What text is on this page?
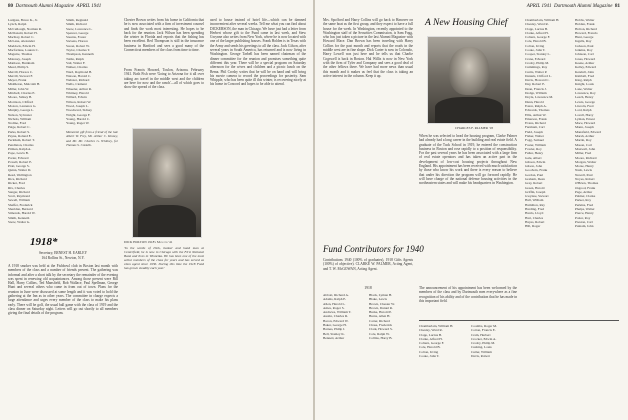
80 Dartmouth Alumni Magazine APRIL 1941
Ludgate, Bruce K., Jr.
Lynch, Ralph
McCullough, Norman R.
McDonald, Robert H.
MacKay, Robert C.
McLane, Alexander
Maddock, Edwin H.
Macfarlane, Lauren C.
Maguire, Thomas
Maloney, Joseph
Mattison, Burnham
Mead, Philip S.
Merrill, Horace C.
Merrill, Stewart F.
Meyer, Frank
Middleton, Malcolm H.
Miller, John W.
Mitchell, Charles E.
Moore, Sidney B.
Morrison, Clifford
Moxon, Laurence G.
Murphy, George L.
Nelson, Sylvester
Nichols, William
Nodine, Fred
Paige, Robert C.
Parks, Robert S.
Payne, Roland E.
Peckham, Robert T.
Pendleton, Charles
Pitman, Ralph A.
Pope, Lewis B.
Porter, Edward
Powell, Robert E.
Pratt, George S.
Quinn, Walter D.
Reed, Wellington
Rice, Richard
Ricker, Fred
Rix, Charles
Sanger, Richard
Scott, Raymond
Sewell, William
Shaffer, Frederick
Sheridan, Bernard
Simonds, Harold W.
Smith, Kenneth
Snow, Walter G.
Smith, Reginald
Smith, Richard
Snow, Lawrence L.
Spencer, George
Stearns, Foster
Stevens, Horace
Sweet, Robert W.
Taylor, Charles T.
Thompson, Kenneth
Tuttle, Ralph
Vail, Walter F.
Walker, Charles
Ward, Raymond B.
Watson, Harold C.
Webster, Richard
Wells, Clement
Wheeler, Arthur R.
Whitney, Harold
Willard, Edwin
Wilson, Robert W.
Wood, Joseph L.
Woodward, Sidney
Wright, George F.
Young, Harold C.
Young, Roger W.
Memorial gift from a friend of the late Albert W. Frey, Mr. Arthur C. Kinney, and Mr. Mr. Charles G. Whitney, for Thomas S. Conklin.
1918*
Secretary, ERNEST H. EARLEY
164 Rollins St., Newton, N.Y.
A 1918 smoker was held at the Fishbowl club in Boston last month with members of the class and a number of friends present. The gathering was informal and after a short talk by the secretary the remainder of the evening was spent in renewing old acquaintances. Among those present were Bill Hall, Harry Collins, Ted Mansfield, Bob Wallace, Paul Spellman, George Hunt and several others who came in from out of town. Plans for the reunion in June were discussed at some length and it was voted to hold the gathering at the Inn as in other years. The committee in charge expects a large attendance and urges every member of the class to make his plans early. There will be golf, the usual ball game with the class of 1919 and the class dinner on Saturday night. Letters will go out shortly to all members giving the final details of the program.
Chester Brown writes from his home in California that he is now associated with a firm of investment counsel and finds the work most interesting. He hopes to be back for the reunion. Jack Wilson has been spending the winter in Florida and reports that the fishing has been excellent. Red Thompson is still in the insurance business in Hartford and sees a good many of the Connecticut members of the class from time to time.
From Francis Howard, Toulon, Arizona. February 1941. Both Fish were 'Going to Arizona for it all over taking arc travel in the middle west and the children are here for now and the ranch'—all of which goes to show the spread of the class.
DICK HOLTON 1918's Man for '41
'In the words of Dick, banker and hand man at Centerfield, he is now in Chicago with the First National Bank and lives in Winnetka. He has been one of the most active members of the class for years and has served as class agent since 1936. During this time the 1918 Fund has grown steadily each year.'
used to house instead of hotel life—which can be damned inconvenient after several weeks. Tell me what you can find about DICKERSON, the man in Chicago. We have just had a letter from Herbert whose gift to the Fund came in last week, and Stew Gwynne also writes from New York, where he is now located with one of the larger publishing houses. Frank Holden is in Texas with the Army and sends his greetings to all the class. Jack Gilson, after several years in South America, has returned and is now living in Washington. George Tarbell has been named chairman of the dinner committee for the reunion and promises something quite different this year. There will be a special program on Saturday afternoon for the wives and children and a picnic lunch on the Bema. Phil Crosby writes that he will be on hand and will bring his movie camera to record the proceedings for posterity. Sam Whipple, who has been quite ill this winter, is recovering nicely at his home in Concord and hopes to be able to attend.
APRIL 1941 Dartmouth Alumni Magazine 81
Mrs. Spofford and Harry Collins will go back to Hanover on the same boat as the first group, and they expect to have a full house for the week. In Washington, recently appointed to the Washington staff of the Securities Commission, is Sam Fogg, who has just taken a picture in the last Alumni Magazine with Howard Mace. Dan Brown has been traveling with Harry Collins for the past month and reports that the roads in the middle west are in fine shape. Dick Carter is now in Colorado, Harry Lowell was just here and he tells us that Charlie Cogswell is back in Boston. Hal Willis is now in New York with the firm of Tyler and Company and sees a good deal of the other fellows there. We have had more news than usual this month and it makes us feel that the class is taking an active interest in the column. Keep it up.
Fund Contributors for 1940
Contributions 1940 (100% of graduates), 1918 Gifts Agents (100%) of objective). CLARKE W. PALMER, Acting Agent, and T. W. McGOWAN, Acting Agent.
1918
Abbott, Richard A.
Adams, Ralph E.
Allen, Harold L.
Ames, Roger S.
Andrews, William T.
Austin, Charles R.
Bacon, Edward W.
Baker, George H.
Barnes, Philip J.
Bell, Stanley K.
Bennett, Arthur
Black, Lyman H.
Blake, Lewis
Brown, Chester W.
Brown, Daniel R.
Burke, Harold P.
Burns, Allen H.
Carter, Richard
Chase, Frederick
Clark, Howard S.
Cole, Ralph W.
Collins, Harry B.
A New Housing Chief
CHARLES F. PALMER '18
When he was selected to head the housing program, Clarke Palmer had already had a long career in the building and real estate field. A graduate of the Tuck School in 1919, he entered the construction business in Boston and rose rapidly to a position of responsibility. For the past several years he has been associated with a large firm of real estate operators and has taken an active part in the development of low-cost housing projects throughout New England. His appointment has been received with much satisfaction by those who know his work and there is every reason to believe that under his direction the program will go forward rapidly. He will have charge of the national defense housing activities in the northeastern states and will make his headquarters in Washington.
The announcement of his appointment has been welcomed by the members of the class and by Dartmouth men everywhere as a fine recognition of his ability and of the contribution that he has made in this important field.
Chamberlain, William H.
Chesley, Ward R.
Clapp, Lucius B.
Clarke, Alfred H.
Coburn, George F.
Cole, Harold B.
Colton, Irving
Cooke, John T.
Coombs, Roger M.
Cotton, Francis E.
Cram, Herbert
Crocker, Edwin A.
Crosby, Philip M.
Cushing, Louis
Cutler, William
Davis, Robert
Chamberlain, William H.
Chesley, Ward R.
Clapp, Lucius B.
Clarke, Alfred H.
Coburn, George F.
Cole, Harold B.
Colton, Irving
Cooke, John T.
Cooper, Stanley L.
Crane, Edward
Crosby, Philip M.
Cummings, Roy
Curtis, Walter P.
Daniels, Clifford L.
Davis, Howard C.
Day, Robert E.
Dean, Francis J.
Dodge, William
Doyle, Lawrence M.
Dunn, Harold
Eaton, Ralph A.
Edwards, Thomas
Ellis, Arthur W.
Emerson, Frank
Evans, Richard
Farnham, Carl
Field, Joseph
Fisher, Walter
Fogg, Samuel
Foster, William
Fowler, Roy
Fuller, Henry
Gale, Albert
Gibson, Edwin
Gilson, John
Goodwin, Frank
Gordon, Paul
Graham, Dean
Gray, Robert
Green, Harold
Griffin, Joseph
Gwynne, Stewart
Hall, William
Hamilton, Ray
Harding, Fred
Harris, Lloyd
Hart, Charles
Hayes, Robert
Hill, Roger
Hobbs, Walter
Holden, Frank
Holton, Richard
Howard, Francis
Hunt, George
Ingalls, Ray
Jackson, Paul
Jenkins, Roy
Johnson, Carl
Jones, Howard
Keene, Arthur
Kelley, Edward
Kendall, John
Kimball, Fred
King, Ralph
Knight, Louis
Lane, Walter
Lawrence, Roy
Leach, Henry
Lewis, George
Lincoln, Fred
Lord, Ralph
Lovell, Harry
Lyman, Ernest
Mace, Howard
Mann, Joseph
Mansfield, Edward
Marsh, Arthur
Martin, Roy
Mason, Carl
Maxwell, John
Miller, Fred
Moore, Richard
Morgan, Walter
Morse, Henry
Nash, Lewis
Newell, Paul
Noyes, Robert
O'Brien, Thomas
Osgood, Frank
Page, Arthur
Palmer, Clarke
Parker, Roy
Perkins, Fred
Phelps, Walter
Pierce, Henry
Potter, Roy
Preston, Carl
Putnam, John
